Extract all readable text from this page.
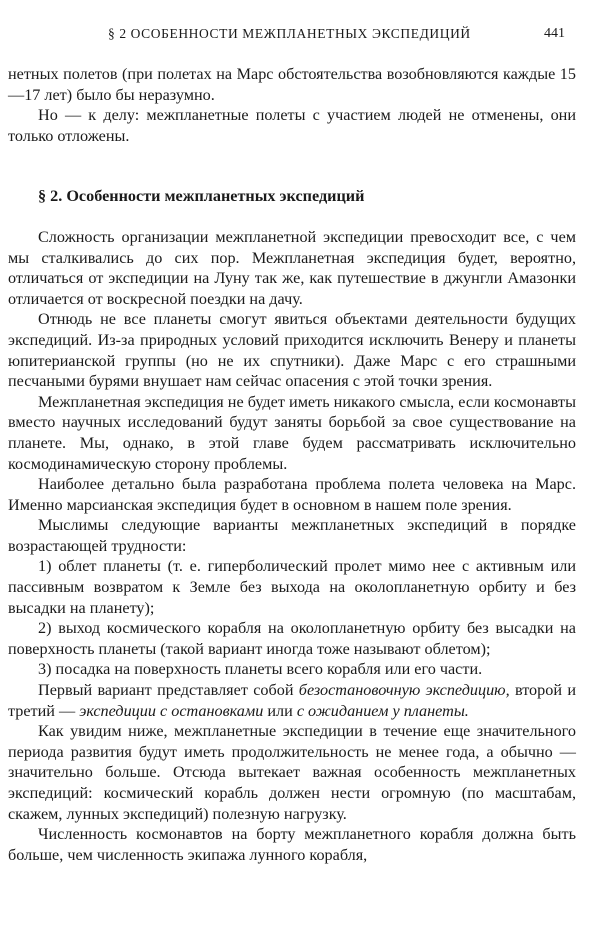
§ 2 ОСОБЕННОСТИ МЕЖПЛАНЕТНЫХ ЭКСПЕДИЦИЙ	441

нетных полетов (при полетах на Марс обстоятельства возобновляются каждые 15—17 лет) было бы неразумно.

Но — к делу: межпланетные полеты с участием людей не отменены, они только отложены.

§ 2. Особенности межпланетных экспедиций

Сложность организации межпланетной экспедиции превосходит все, с чем мы сталкивались до сих пор. Межпланетная экспедиция будет, вероятно, отличаться от экспедиции на Луну так же, как путешествие в джунгли Амазонки отличается от воскресной поездки на дачу.

Отнюдь не все планеты смогут явиться объектами деятельности будущих экспедиций. Из-за природных условий приходится исключить Венеру и планеты юпитерианской группы (но не их спутники). Даже Марс с его страшными песчаными бурями внушает нам сейчас опасения с этой точки зрения.

Межпланетная экспедиция не будет иметь никакого смысла, если космонавты вместо научных исследований будут заняты борьбой за свое существование на планете. Мы, однако, в этой главе будем рассматривать исключительно космодинамическую сторону проблемы.

Наиболее детально была разработана проблема полета человека на Марс. Именно марсианская экспедиция будет в основном в нашем поле зрения.

Мыслимы следующие варианты межпланетных экспедиций в порядке возрастающей трудности:

1) облет планеты (т. е. гиперболический пролет мимо нее с активным или пассивным возвратом к Земле без выхода на околопланетную орбиту и без высадки на планету);

2) выход космического корабля на околопланетную орбиту без высадки на поверхность планеты (такой вариант иногда тоже называют облетом);

3) посадка на поверхность планеты всего корабля или его части.

Первый вариант представляет собой безостановочную экспедицию, второй и третий — экспедиции с остановками или с ожиданием у планеты.

Как увидим ниже, межпланетные экспедиции в течение еще значительного периода развития будут иметь продолжительность не менее года, а обычно — значительно больше. Отсюда вытекает важная особенность межпланетных экспедиций: космический корабль должен нести огромную (по масштабам, скажем, лунных экспедиций) полезную нагрузку.

Численность космонавтов на борту межпланетного корабля должна быть больше, чем численность экипажа лунного корабля,
